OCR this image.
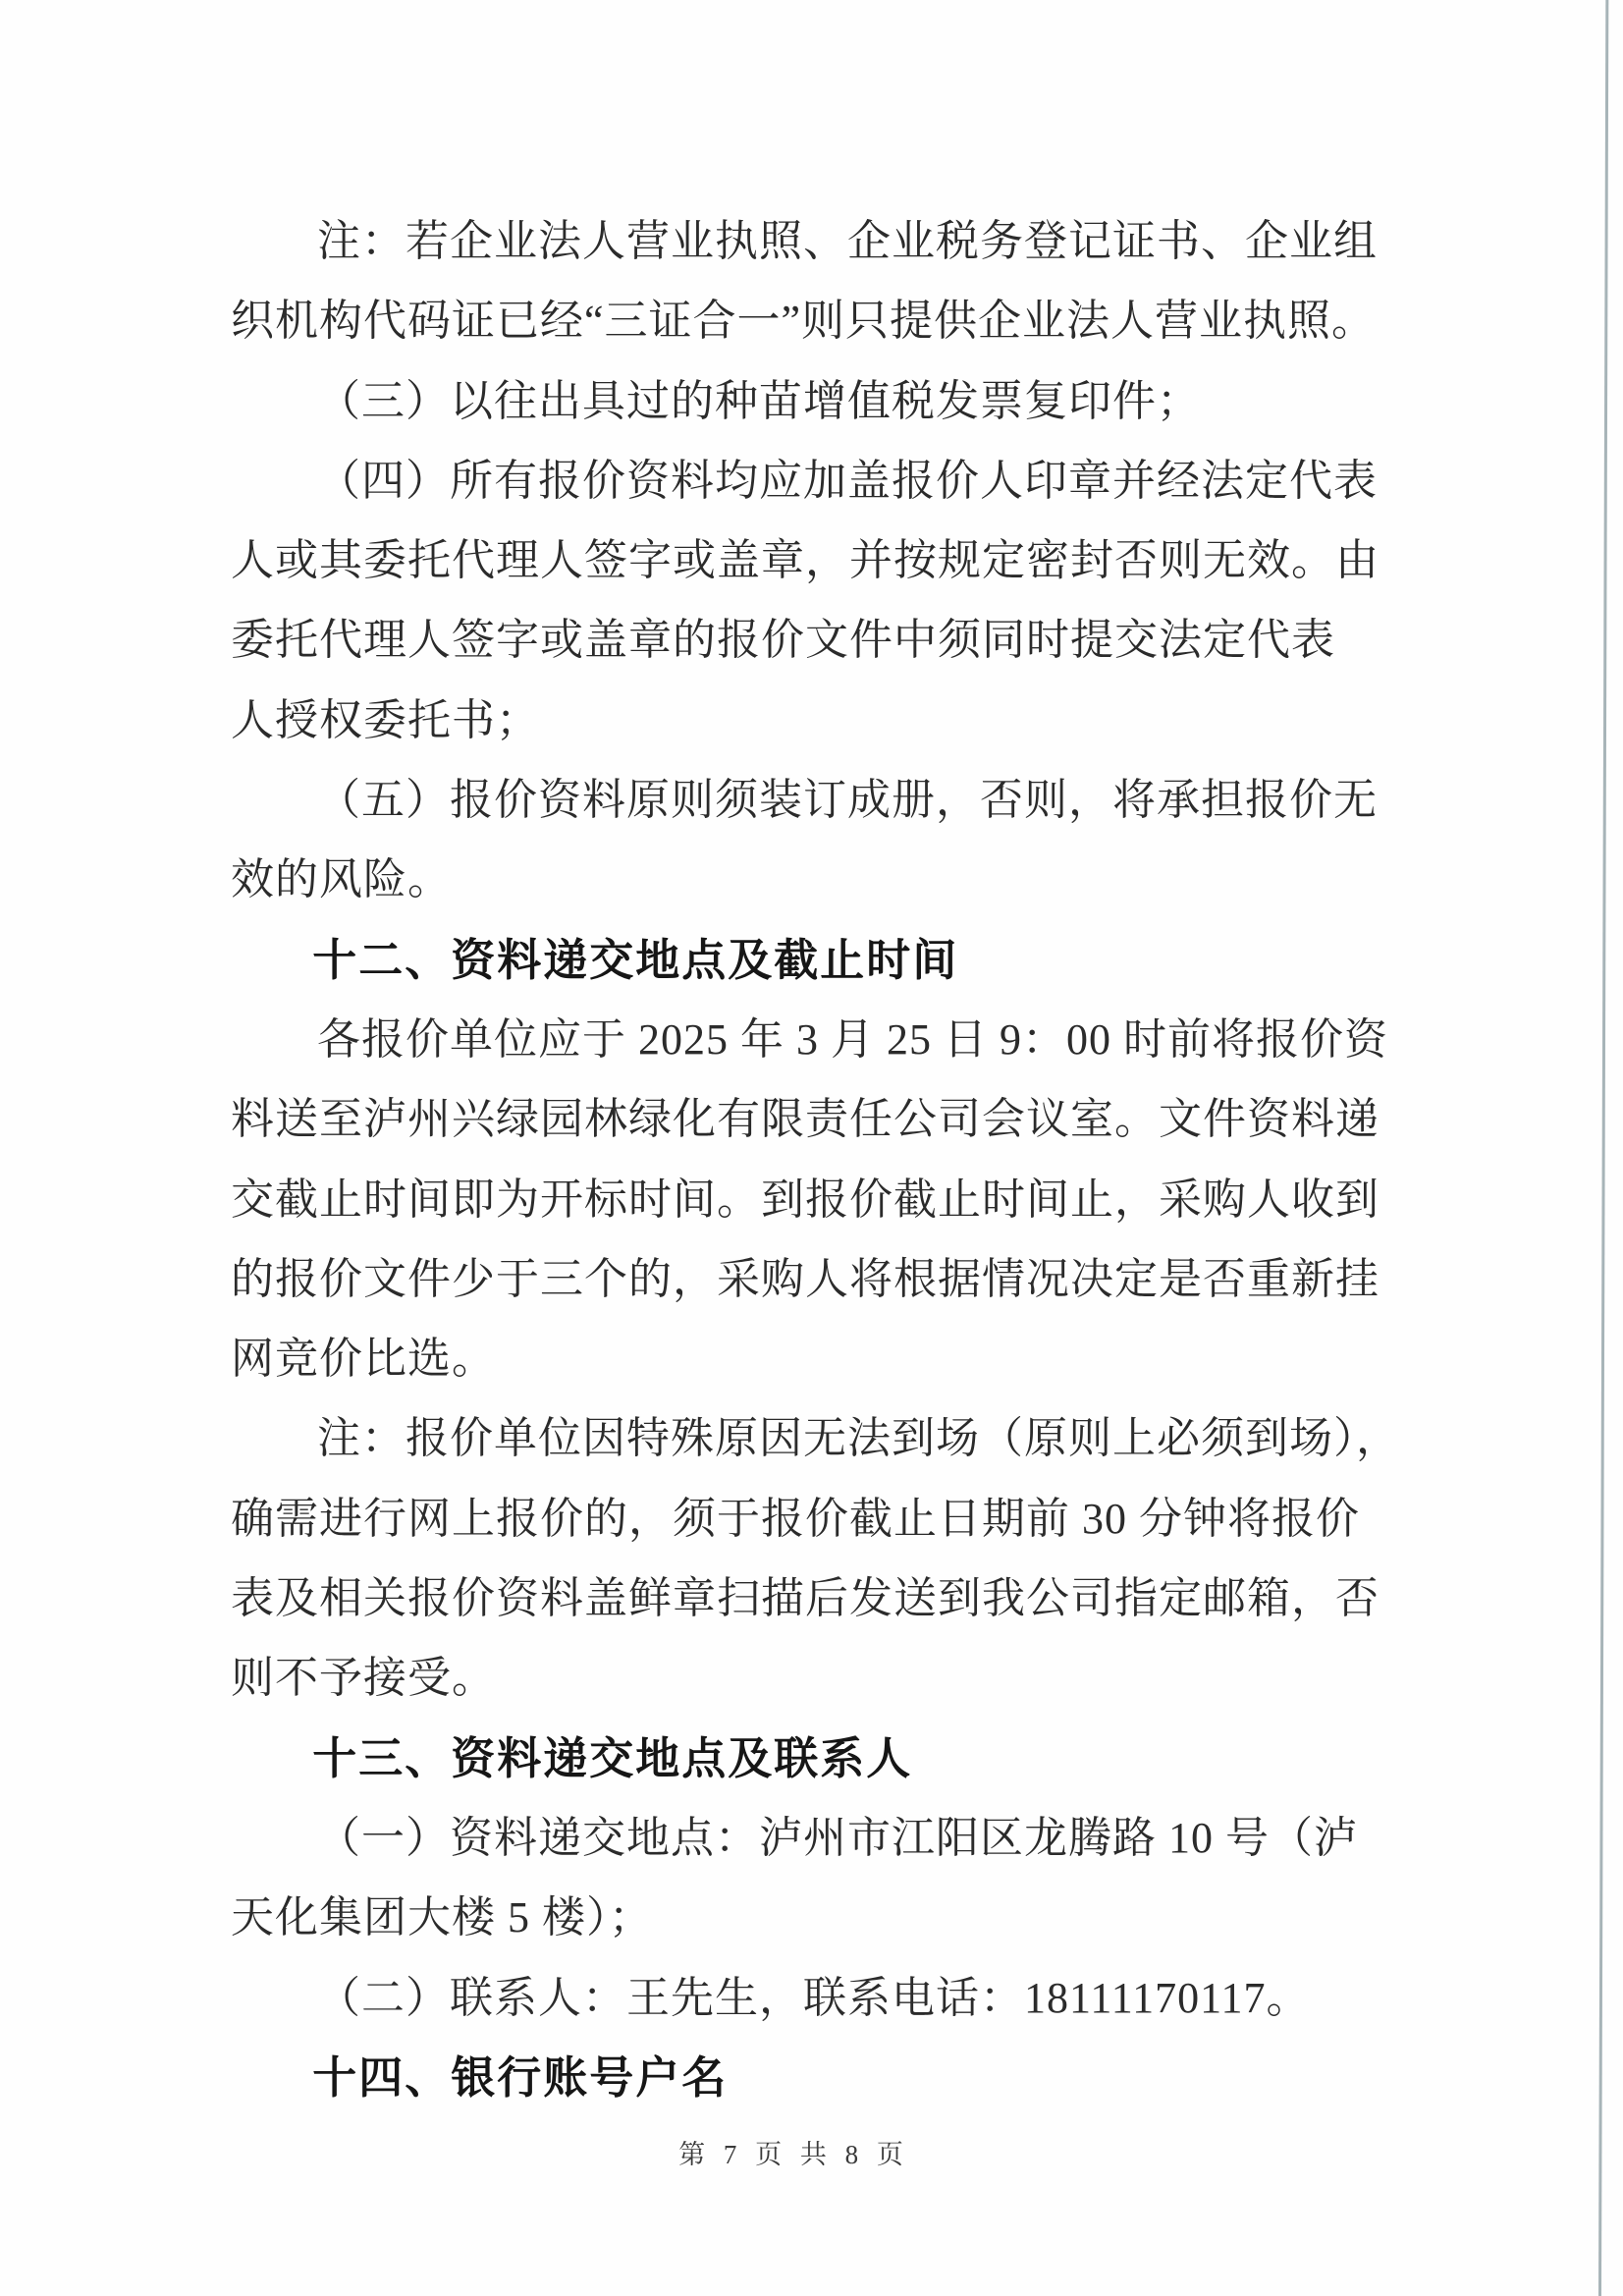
注：若企业法人营业执照、企业税务登记证书、企业组
织机构代码证已经“三证合一”则只提供企业法人营业执照。
（三）以往出具过的种苗增值税发票复印件；
（四）所有报价资料均应加盖报价人印章并经法定代表
人或其委托代理人签字或盖章，并按规定密封否则无效。由
委托代理人签字或盖章的报价文件中须同时提交法定代表
人授权委托书；
（五）报价资料原则须装订成册，否则，将承担报价无
效的风险。
十二、资料递交地点及截止时间
各报价单位应于 2025 年 3 月 25 日 9：00 时前将报价资
料送至泸州兴绿园林绿化有限责任公司会议室。文件资料递
交截止时间即为开标时间。到报价截止时间止，采购人收到
的报价文件少于三个的，采购人将根据情况决定是否重新挂
网竞价比选。
注：报价单位因特殊原因无法到场（原则上必须到场），
确需进行网上报价的，须于报价截止日期前 30 分钟将报价
表及相关报价资料盖鲜章扫描后发送到我公司指定邮箱，否
则不予接受。
十三、资料递交地点及联系人
（一）资料递交地点：泸州市江阳区龙腾路 10 号（泸
天化集团大楼 5 楼）；
（二）联系人：王先生，联系电话：18111170117。
十四、银行账号户名
第 7 页 共 8 页
